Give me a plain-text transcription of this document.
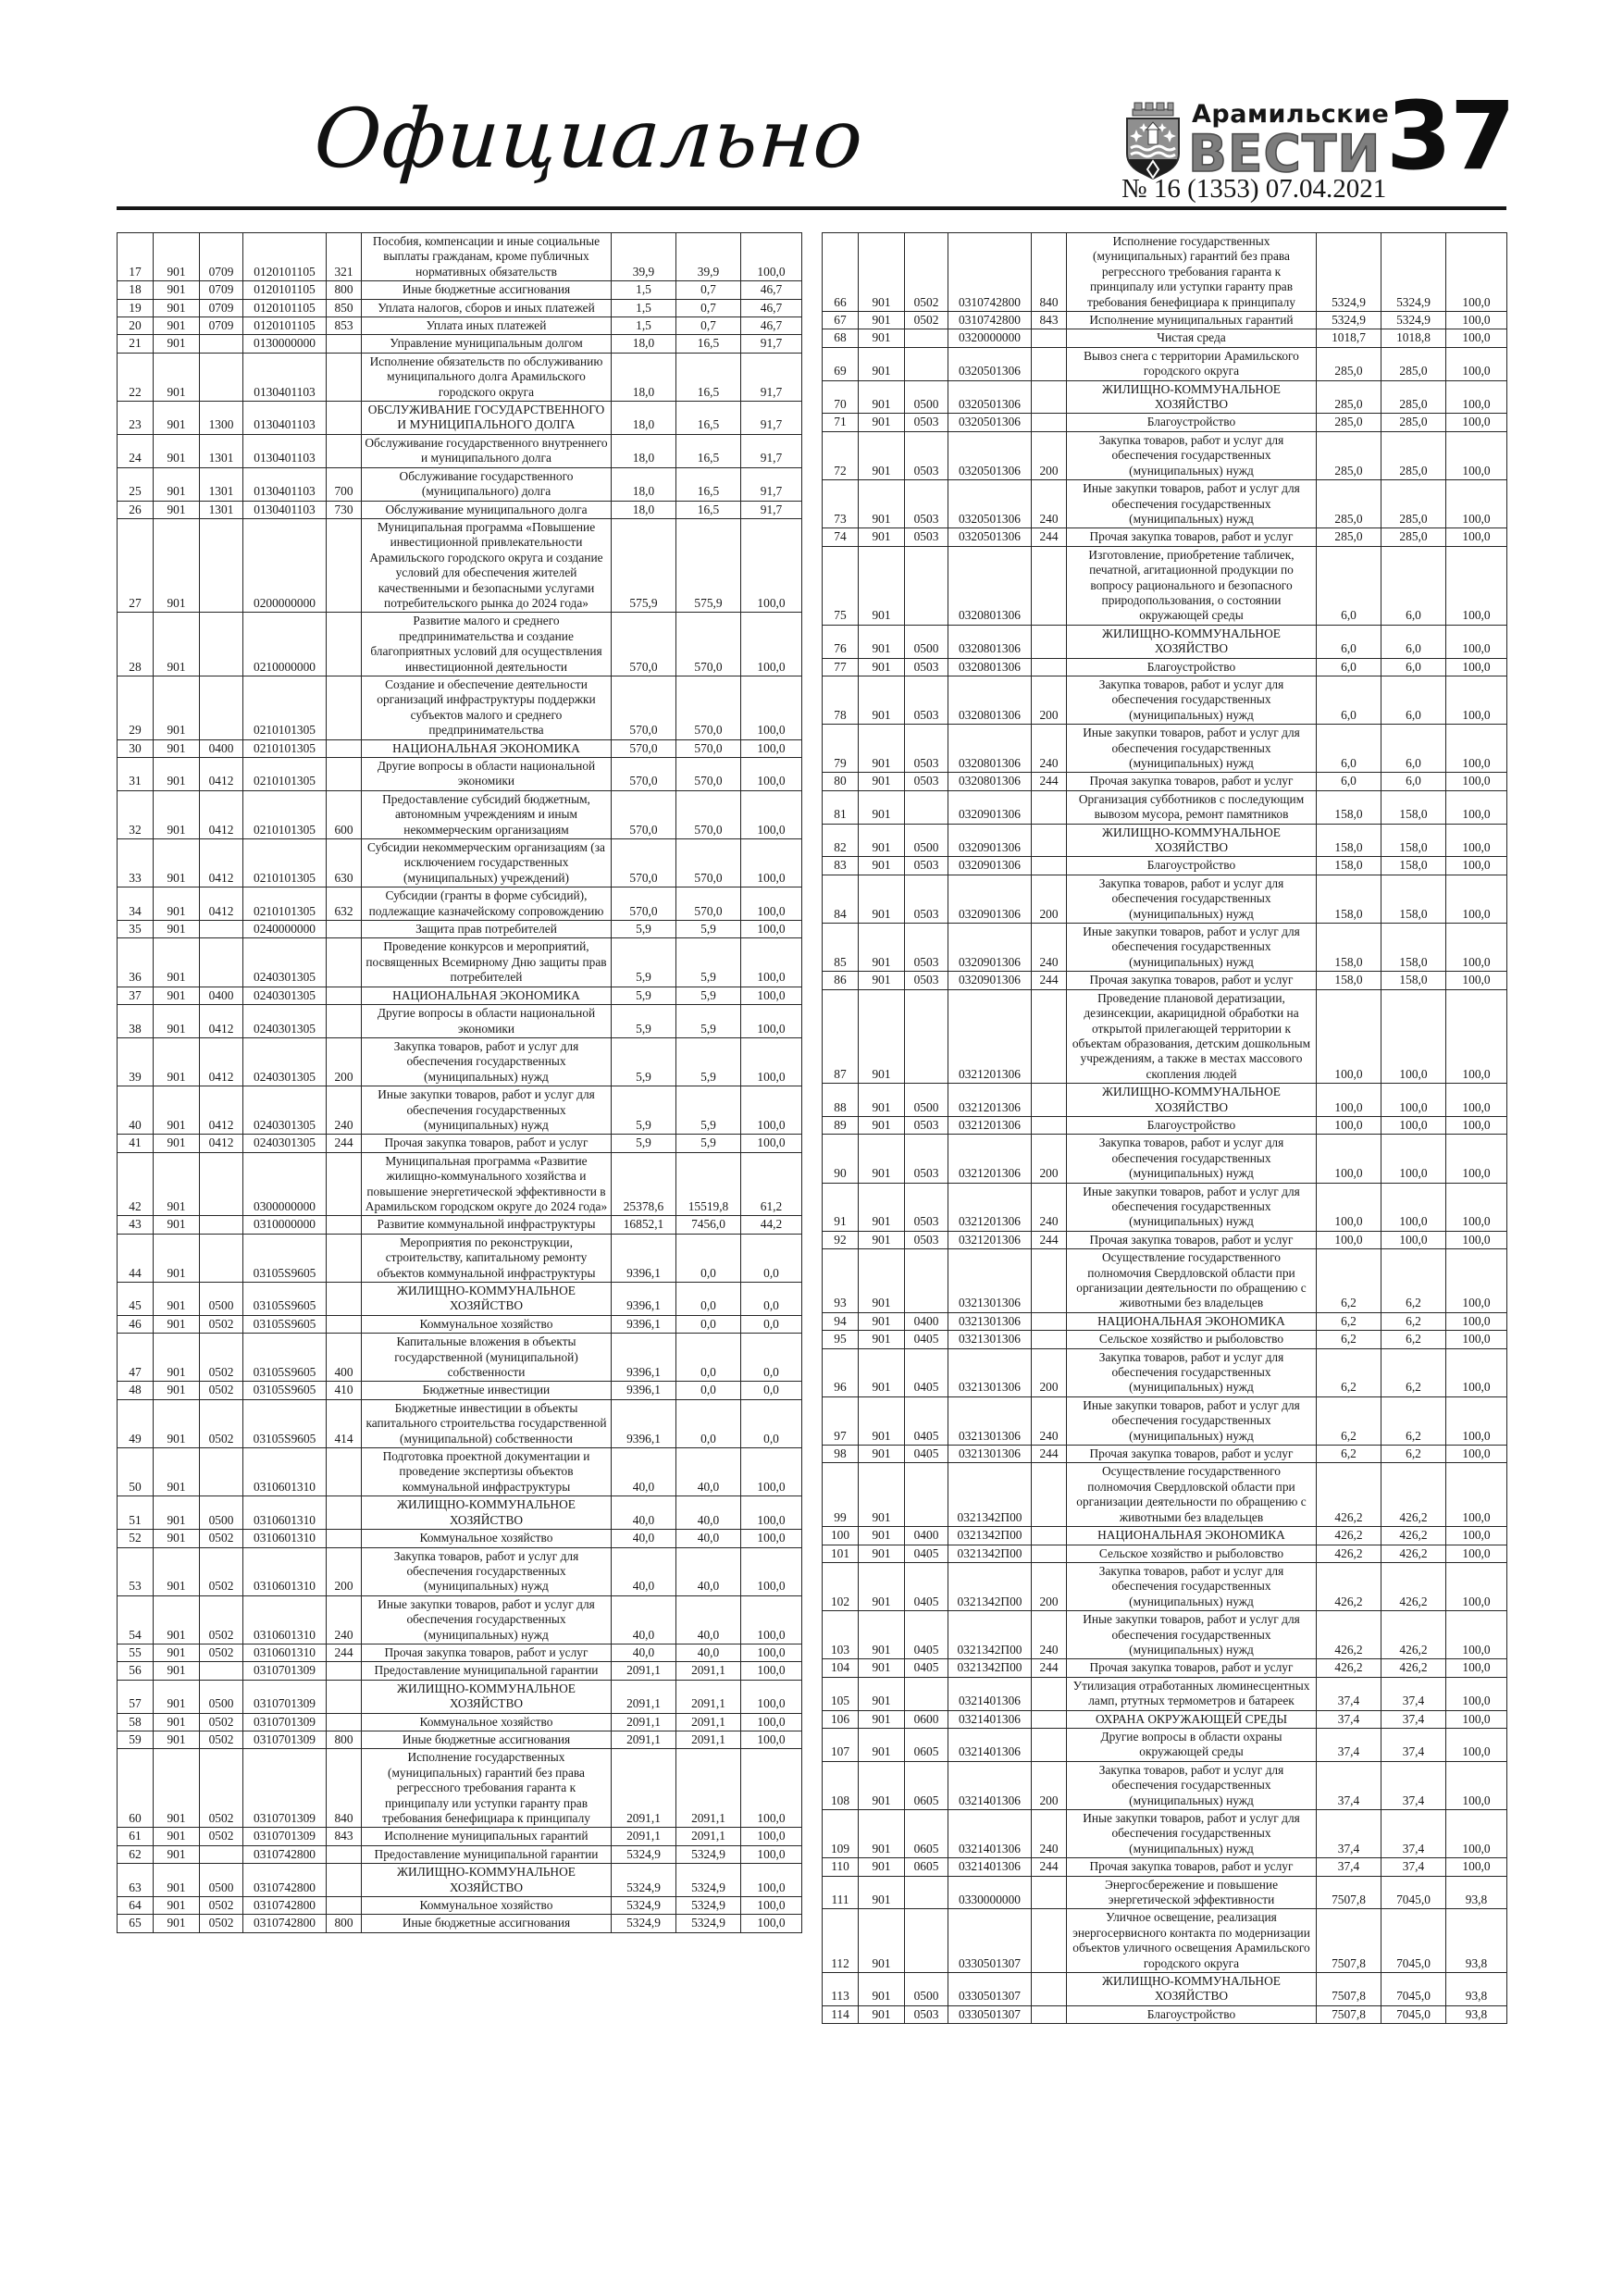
Официально	Арамильские
ВЕСТИ
№ 16 (1353) 07.04.2021 37
17	901	0709	0120101105	321	Пособия, компенсации и иные социальные выплаты гражданам, кроме публичных нормативных обязательств	39,9	39,9	100,0
18	901	0709	0120101105	800	Иные бюджетные ассигнования	1,5	0,7	46,7
19	901	0709	0120101105	850	Уплата налогов, сборов и иных платежей	1,5	0,7	46,7
20	901	0709	0120101105	853	Уплата иных платежей	1,5	0,7	46,7
21	901		0130000000		Управление муниципальным долгом	18,0	16,5	91,7
22	901		0130401103		Исполнение обязательств по обслуживанию муниципального долга Арамильского городского округа	18,0	16,5	91,7
23	901	1300	0130401103		ОБСЛУЖИВАНИЕ ГОСУДАРСТВЕННОГО И МУНИЦИПАЛЬНОГО ДОЛГА	18,0	16,5	91,7
24	901	1301	0130401103		Обслуживание государственного внутреннего и муниципального долга	18,0	16,5	91,7
25	901	1301	0130401103	700	Обслуживание государственного (муниципального) долга	18,0	16,5	91,7
26	901	1301	0130401103	730	Обслуживание муниципального долга	18,0	16,5	91,7
27	901		0200000000		Муниципальная программа «Повышение инвестиционной привлекательности Арамильского городского округа и создание условий для обеспечения жителей качественными и безопасными услугами потребительского рынка до 2024 года»	575,9	575,9	100,0
28	901		0210000000		Развитие малого и среднего предпринимательства и создание благоприятных условий для осуществления инвестиционной деятельности	570,0	570,0	100,0
29	901		0210101305		Создание и обеспечение деятельности организаций инфраструктуры поддержки субъектов малого и среднего предпринимательства	570,0	570,0	100,0
30	901	0400	0210101305		НАЦИОНАЛЬНАЯ ЭКОНОМИКА	570,0	570,0	100,0
31	901	0412	0210101305		Другие вопросы в области национальной экономики	570,0	570,0	100,0
32	901	0412	0210101305	600	Предоставление субсидий бюджетным, автономным учреждениям и иным некоммерческим организациям	570,0	570,0	100,0
33	901	0412	0210101305	630	Субсидии некоммерческим организациям (за исключением государственных (муниципальных) учреждений)	570,0	570,0	100,0
34	901	0412	0210101305	632	Субсидии (гранты в форме субсидий), подлежащие казначейскому сопровождению	570,0	570,0	100,0
35	901		0240000000		Защита прав потребителей	5,9	5,9	100,0
36	901		0240301305		Проведение конкурсов и мероприятий, посвященных Всемирному Дню защиты прав потребителей	5,9	5,9	100,0
37	901	0400	0240301305		НАЦИОНАЛЬНАЯ ЭКОНОМИКА	5,9	5,9	100,0
38	901	0412	0240301305		Другие вопросы в области национальной экономики	5,9	5,9	100,0
39	901	0412	0240301305	200	Закупка товаров, работ и услуг для обеспечения государственных (муниципальных) нужд	5,9	5,9	100,0
40	901	0412	0240301305	240	Иные закупки товаров, работ и услуг для обеспечения государственных (муниципальных) нужд	5,9	5,9	100,0
41	901	0412	0240301305	244	Прочая закупка товаров, работ и услуг	5,9	5,9	100,0
42	901		0300000000		Муниципальная программа «Развитие жилищно-коммунального хозяйства и повышение энергетической эффективности в Арамильском городском округе до 2024 года»	25378,6	15519,8	61,2
43	901		0310000000		Развитие коммунальной инфраструктуры	16852,1	7456,0	44,2
44	901		03105S9605		Мероприятия по реконструкции, строительству, капитальному ремонту объектов коммунальной инфраструктуры	9396,1	0,0	0,0
45	901	0500	03105S9605		ЖИЛИЩНО-КОММУНАЛЬНОЕ ХОЗЯЙСТВО	9396,1	0,0	0,0
46	901	0502	03105S9605		Коммунальное хозяйство	9396,1	0,0	0,0
47	901	0502	03105S9605	400	Капитальные вложения в объекты государственной (муниципальной) собственности	9396,1	0,0	0,0
48	901	0502	03105S9605	410	Бюджетные инвестиции	9396,1	0,0	0,0
49	901	0502	03105S9605	414	Бюджетные инвестиции в объекты капитального строительства государственной (муниципальной) собственности	9396,1	0,0	0,0
50	901		0310601310		Подготовка проектной документации и проведение экспертизы объектов коммунальной инфраструктуры	40,0	40,0	100,0
51	901	0500	0310601310		ЖИЛИЩНО-КОММУНАЛЬНОЕ ХОЗЯЙСТВО	40,0	40,0	100,0
52	901	0502	0310601310		Коммунальное хозяйство	40,0	40,0	100,0
53	901	0502	0310601310	200	Закупка товаров, работ и услуг для обеспечения государственных (муниципальных) нужд	40,0	40,0	100,0
54	901	0502	0310601310	240	Иные закупки товаров, работ и услуг для обеспечения государственных (муниципальных) нужд	40,0	40,0	100,0
55	901	0502	0310601310	244	Прочая закупка товаров, работ и услуг	40,0	40,0	100,0
56	901		0310701309		Предоставление муниципальной гарантии	2091,1	2091,1	100,0
57	901	0500	0310701309		ЖИЛИЩНО-КОММУНАЛЬНОЕ ХОЗЯЙСТВО	2091,1	2091,1	100,0
58	901	0502	0310701309		Коммунальное хозяйство	2091,1	2091,1	100,0
59	901	0502	0310701309	800	Иные бюджетные ассигнования	2091,1	2091,1	100,0
60	901	0502	0310701309	840	Исполнение государственных (муниципальных) гарантий без права регрессного требования гаранта к принципалу или уступки гаранту прав требования бенефициара к принципалу	2091,1	2091,1	100,0
61	901	0502	0310701309	843	Исполнение муниципальных гарантий	2091,1	2091,1	100,0
62	901		0310742800		Предоставление муниципальной гарантии	5324,9	5324,9	100,0
63	901	0500	0310742800		ЖИЛИЩНО-КОММУНАЛЬНОЕ ХОЗЯЙСТВО	5324,9	5324,9	100,0
64	901	0502	0310742800		Коммунальное хозяйство	5324,9	5324,9	100,0
65	901	0502	0310742800	800	Иные бюджетные ассигнования	5324,9	5324,9	100,0
66	901	0502	0310742800	840	Исполнение государственных (муниципальных) гарантий без права регрессного требования гаранта к принципалу или уступки гаранту прав требования бенефициара к принципалу	5324,9	5324,9	100,0
67	901	0502	0310742800	843	Исполнение муниципальных гарантий	5324,9	5324,9	100,0
68	901		0320000000		Чистая среда	1018,7	1018,8	100,0
69	901		0320501306		Вывоз снега с территории Арамильского городского округа	285,0	285,0	100,0
70	901	0500	0320501306		ЖИЛИЩНО-КОММУНАЛЬНОЕ ХОЗЯЙСТВО	285,0	285,0	100,0
71	901	0503	0320501306		Благоустройство	285,0	285,0	100,0
72	901	0503	0320501306	200	Закупка товаров, работ и услуг для обеспечения государственных (муниципальных) нужд	285,0	285,0	100,0
73	901	0503	0320501306	240	Иные закупки товаров, работ и услуг для обеспечения государственных (муниципальных) нужд	285,0	285,0	100,0
74	901	0503	0320501306	244	Прочая закупка товаров, работ и услуг	285,0	285,0	100,0
75	901		0320801306		Изготовление, приобретение табличек, печатной, агитационной продукции по вопросу рационального и безопасного природопользования, о состоянии окружающей среды	6,0	6,0	100,0
76	901	0500	0320801306		ЖИЛИЩНО-КОММУНАЛЬНОЕ ХОЗЯЙСТВО	6,0	6,0	100,0
77	901	0503	0320801306		Благоустройство	6,0	6,0	100,0
78	901	0503	0320801306	200	Закупка товаров, работ и услуг для обеспечения государственных (муниципальных) нужд	6,0	6,0	100,0
79	901	0503	0320801306	240	Иные закупки товаров, работ и услуг для обеспечения государственных (муниципальных) нужд	6,0	6,0	100,0
80	901	0503	0320801306	244	Прочая закупка товаров, работ и услуг	6,0	6,0	100,0
81	901		0320901306		Организация субботников с последующим вывозом мусора, ремонт памятников	158,0	158,0	100,0
82	901	0500	0320901306		ЖИЛИЩНО-КОММУНАЛЬНОЕ ХОЗЯЙСТВО	158,0	158,0	100,0
83	901	0503	0320901306		Благоустройство	158,0	158,0	100,0
84	901	0503	0320901306	200	Закупка товаров, работ и услуг для обеспечения государственных (муниципальных) нужд	158,0	158,0	100,0
85	901	0503	0320901306	240	Иные закупки товаров, работ и услуг для обеспечения государственных (муниципальных) нужд	158,0	158,0	100,0
86	901	0503	0320901306	244	Прочая закупка товаров, работ и услуг	158,0	158,0	100,0
87	901		0321201306		Проведение плановой дератизации, дезинсекции, акарицидной обработки на открытой прилегающей территории к объектам образования, детским дошкольным учреждениям, а также в местах массового скопления людей	100,0	100,0	100,0
88	901	0500	0321201306		ЖИЛИЩНО-КОММУНАЛЬНОЕ ХОЗЯЙСТВО	100,0	100,0	100,0
89	901	0503	0321201306		Благоустройство	100,0	100,0	100,0
90	901	0503	0321201306	200	Закупка товаров, работ и услуг для обеспечения государственных (муниципальных) нужд	100,0	100,0	100,0
91	901	0503	0321201306	240	Иные закупки товаров, работ и услуг для обеспечения государственных (муниципальных) нужд	100,0	100,0	100,0
92	901	0503	0321201306	244	Прочая закупка товаров, работ и услуг	100,0	100,0	100,0
93	901		0321301306		Осуществление государственного полномочия Свердловской области при организации деятельности по обращению с животными без владельцев	6,2	6,2	100,0
94	901	0400	0321301306		НАЦИОНАЛЬНАЯ ЭКОНОМИКА	6,2	6,2	100,0
95	901	0405	0321301306		Сельское хозяйство и рыболовство	6,2	6,2	100,0
96	901	0405	0321301306	200	Закупка товаров, работ и услуг для обеспечения государственных (муниципальных) нужд	6,2	6,2	100,0
97	901	0405	0321301306	240	Иные закупки товаров, работ и услуг для обеспечения государственных (муниципальных) нужд	6,2	6,2	100,0
98	901	0405	0321301306	244	Прочая закупка товаров, работ и услуг	6,2	6,2	100,0
99	901		0321342П00		Осуществление государственного полномочия Свердловской области при организации деятельности по обращению с животными без владельцев	426,2	426,2	100,0
100	901	0400	0321342П00		НАЦИОНАЛЬНАЯ ЭКОНОМИКА	426,2	426,2	100,0
101	901	0405	0321342П00		Сельское хозяйство и рыболовство	426,2	426,2	100,0
102	901	0405	0321342П00	200	Закупка товаров, работ и услуг для обеспечения государственных (муниципальных) нужд	426,2	426,2	100,0
103	901	0405	0321342П00	240	Иные закупки товаров, работ и услуг для обеспечения государственных (муниципальных) нужд	426,2	426,2	100,0
104	901	0405	0321342П00	244	Прочая закупка товаров, работ и услуг	426,2	426,2	100,0
105	901		0321401306		Утилизация отработанных люминесцентных ламп, ртутных термометров и батареек	37,4	37,4	100,0
106	901	0600	0321401306		ОХРАНА ОКРУЖАЮЩЕЙ СРЕДЫ	37,4	37,4	100,0
107	901	0605	0321401306		Другие вопросы в области охраны окружающей среды	37,4	37,4	100,0
108	901	0605	0321401306	200	Закупка товаров, работ и услуг для обеспечения государственных (муниципальных) нужд	37,4	37,4	100,0
109	901	0605	0321401306	240	Иные закупки товаров, работ и услуг для обеспечения государственных (муниципальных) нужд	37,4	37,4	100,0
110	901	0605	0321401306	244	Прочая закупка товаров, работ и услуг	37,4	37,4	100,0
111	901		0330000000		Энергосбережение и повышение энергетической эффективности	7507,8	7045,0	93,8
112	901		0330501307		Уличное освещение, реализация энергосервисного контакта по модернизации объектов уличного освещения Арамильского городского округа	7507,8	7045,0	93,8
113	901	0500	0330501307		ЖИЛИЩНО-КОММУНАЛЬНОЕ ХОЗЯЙСТВО	7507,8	7045,0	93,8
114	901	0503	0330501307		Благоустройство	7507,8	7045,0	93,8
